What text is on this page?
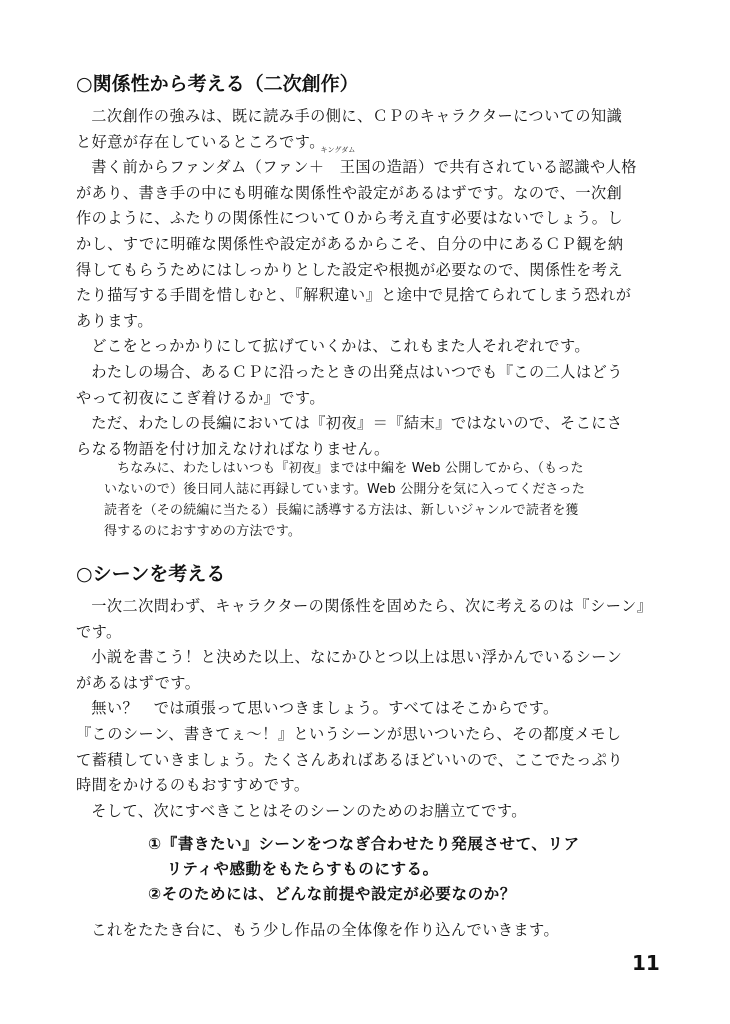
○関係性から考える（二次創作）

二次創作の強みは、既に読み手の側に、ＣＰのキャラクターについての知識

と好意が存在しているところです。

書く前からファンダム（ファン＋
キングダム
王国の造語）で共有されている認識や人格

があり、書き手の中にも明確な関係性や設定があるはずです。なので、一次創

作のように、ふたりの関係性について０から考え直す必要はないでしょう。し

かし、すでに明確な関係性や設定があるからこそ、自分の中にあるＣＰ観を納

得してもらうためにはしっかりとした設定や根拠が必要なので、関係性を考え

たり描写する手間を惜しむと、『解釈違い』と途中で見捨てられてしまう恐れが

あります。

どこをとっかかりにして拡げていくかは、これもまた人それぞれです。

わたしの場合、あるＣＰに沿ったときの出発点はいつでも『この二人はどう

やって初夜にこぎ着けるか』です。

ただ、わたしの長編においては『初夜』＝『結末』ではないので、そこにさ

らなる物語を付け加えなければなりません。

ちなみに、わたしはいつも『初夜』までは中編を Web 公開してから、（もった

いないので）後日同人誌に再録しています。Web 公開分を気に入ってくださった

読者を（その続編に当たる）長編に誘導する方法は、新しいジャンルで読者を獲

得するのにおすすめの方法です。

○シーンを考える

一次二次問わず、キャラクターの関係性を固めたら、次に考えるのは『シーン』

です。

小説を書こう！と決めた以上、なにかひとつ以上は思い浮かんでいるシーン

があるはずです。

無い？　では頑張って思いつきましょう。すべてはそこからです。

『このシーン、書きてぇ～！』というシーンが思いついたら、その都度メモし

て蓄積していきましょう。たくさんあればあるほどいいので、ここでたっぷり

時間をかけるのもおすすめです。

そして、次にすべきことはそのシーンのためのお膳立てです。

①『書きたい』シーンをつなぎ合わせたり発展させて、リア

リティや感動をもたらすものにする。

②そのためには、どんな前提や設定が必要なのか？

これをたたき台に、もう少し作品の全体像を作り込んでいきます。

11
